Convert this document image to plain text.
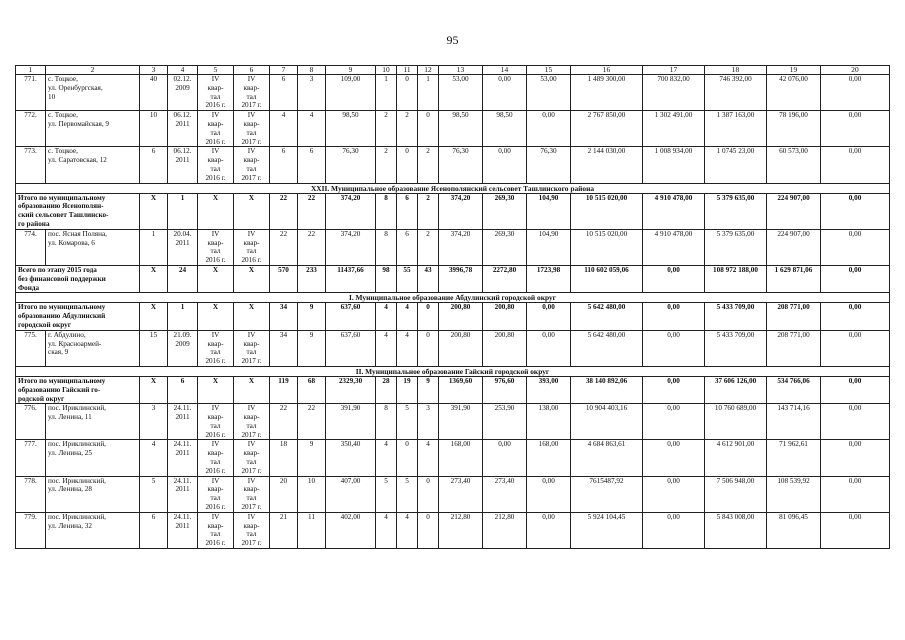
95
1	2	3	4	5	6	7	8	9	10	11	12	13	14	15	16	17	18	19	20
771.	с. Тоцкое,
ул. Оренбургская,
10	40	02.12.
2009	IV
квар-
тал
2016 г.	IV
квар-
тал
2017 г.	6	3	109,00	1	0	1	53,00	0,00	53,00	1 489 300,00	700 832,00	746 392,00	42 076,00	0,00
772.	с. Тоцкое,
ул. Первомайская, 9	10	06.12.
2011	IV
квар-
тал
2016 г.	IV
квар-
тал
2017 г.	4	4	98,50	2	2	0	98,50	98,50	0,00	2 767 850,00	1 302 491,00	1 387 163,00	78 196,00	0,00
773.	с. Тоцкое,
ул. Саратовская, 12	6	06.12.
2011	IV
квар-
тал
2016 г.	IV
квар-
тал
2017 г.	6	6	76,30	2	0	2	76,30	0,00	76,30	2 144 030,00	1 008 934,00	1 0745 23,00	60 573,00	0,00
XXII. Муниципальное образование Ясенополянский сельсовет Ташлинского района																			
Итого по муниципальному
образованию Ясенополян-
ский сельсовет Ташлинско-
го района		X	1	X	X	22	22	374,20	8	6	2	374,20	269,30	104,90	10 515 020,00	4 910 478,00	5 379 635,00	224 907,00	0,00
774.	пос. Ясная Поляна,
ул. Комарова, 6	1	20.04.
2011	IV
квар-
тал
2016 г.	IV
квар-
тал
2016 г.	22	22	374,20	8	6	2	374,20	269,30	104,90	10 515 020,00	4 910 478,00	5 379 635,00	224 907,00	0,00
Всего по этапу 2015 года
без финансовой поддержки
Фонда		X	24	X	X	570	233	11437,66	98	55	43	3996,78	2272,80	1723,98	110 602 059,06	0,00	108 972 188,00	1 629 871,06	0,00
I. Муниципальное образование Абдулинский городской округ																			
Итого по муниципальному
образованию Абдулинский
городской округ		X	1	X	X	34	9	637,60	4	4	0	200,80	200,80	0,00	5 642 480,00	0,00	5 433 709,00	208 771,00	0,00
775.	г. Абдулино,
ул. Красноармей-
ская, 9	15	21.09.
2009	IV
квар-
тал
2016 г.	IV
квар-
тал
2017 г.	34	9	637,60	4	4	0	200,80	200,80	0,00	5 642 480,00	0,00	5 433 709,00	208 771,00	0,00
II. Муниципальное образование Гайский городской округ																			
Итого по муниципальному
образованию Гайский го-
родской округ		X	6	X	X	119	68	2329,30	28	19	9	1369,60	976,60	393,00	38 140 892,06	0,00	37 606 126,00	534 766,06	0,00
776.	пос. Ириклинский,
ул. Ленина, 11	3	24.11.
2011	IV
квар-
тал
2016 г.	IV
квар-
тал
2017 г.	22	22	391,90	8	5	3	391,90	253,90	138,00	10 904 403,16	0,00	10 760 689,00	143 714,16	0,00
777.	пос. Ириклинский,
ул. Ленина, 25	4	24.11.
2011	IV
квар-
тал
2016 г.	IV
квар-
тал
2017 г.	18	9	350,40	4	0	4	168,00	0,00	168,00	4 684 863,61	0,00	4 612 901,00	71 962,61	0,00
778.	пос. Ириклинский,
ул. Ленина, 28	5	24.11.
2011	IV
квар-
тал
2016 г.	IV
квар-
тал
2017 г.	20	10	407,00	5	5	0	273,40	273,40	0,00	7615487,92	0,00	7 506 948,00	108 539,92	0,00
779.	пос. Ириклинский,
ул. Ленина, 32	6	24.11.
2011	IV
квар-
тал
2016 г.	IV
квар-
тал
2017 г.	21	11	402,00	4	4	0	212,80	212,80	0,00	5 924 104,45	0,00	5 843 008,00	81 096,45	0,00
